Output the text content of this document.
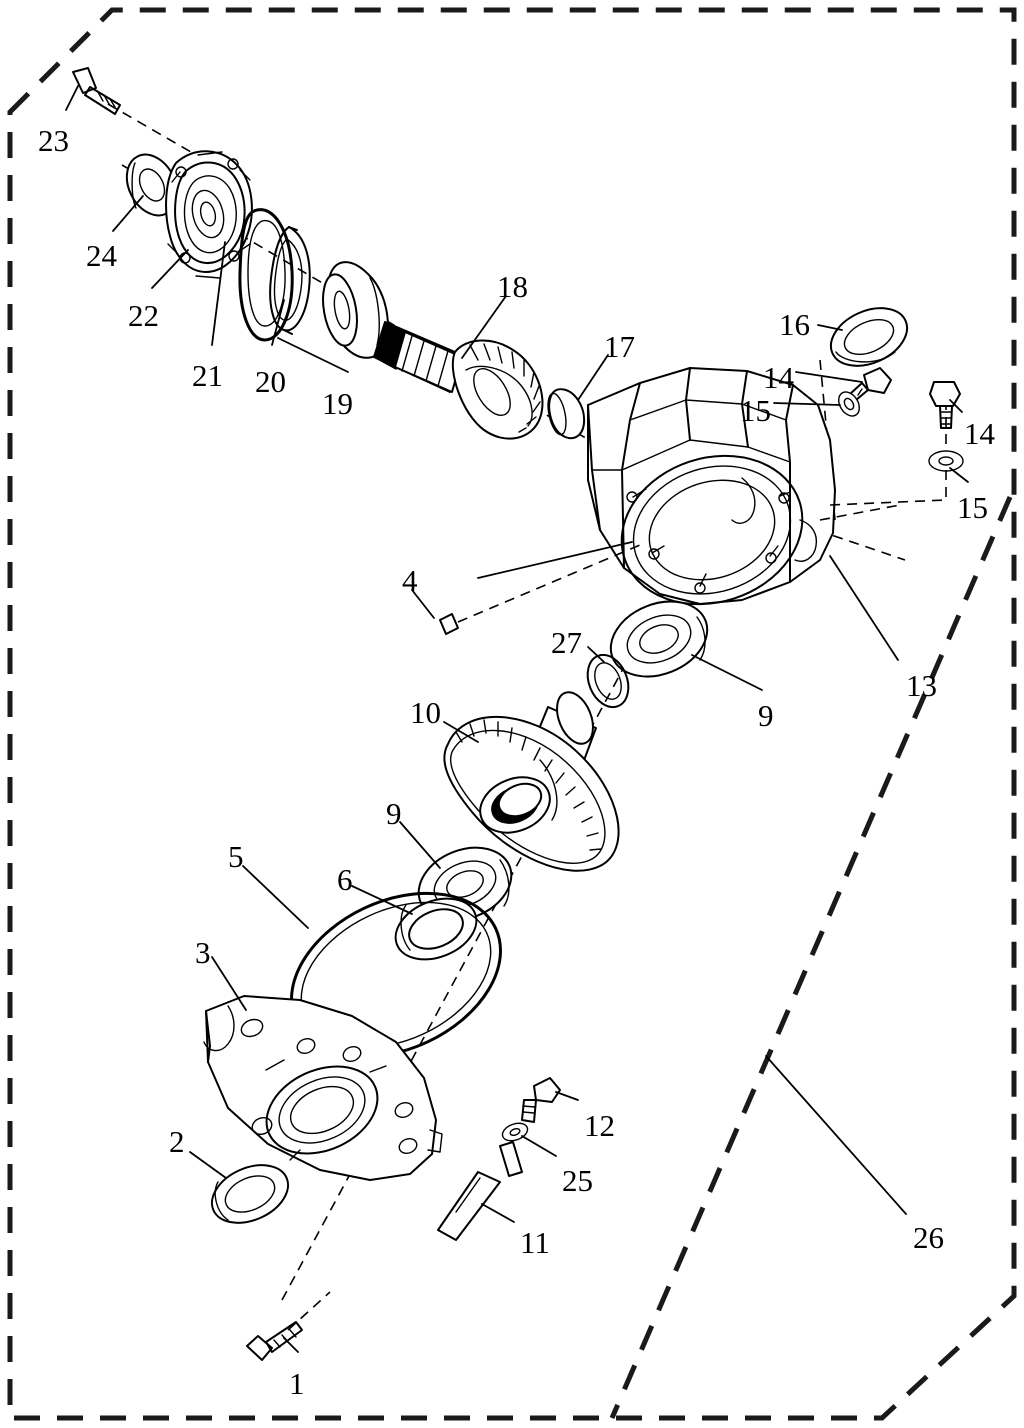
23
24
22
21 20
19
18
17
16
14
15
14
15
13
4
27
9
10
9
5
6
3
2	12
25
11	26
1
